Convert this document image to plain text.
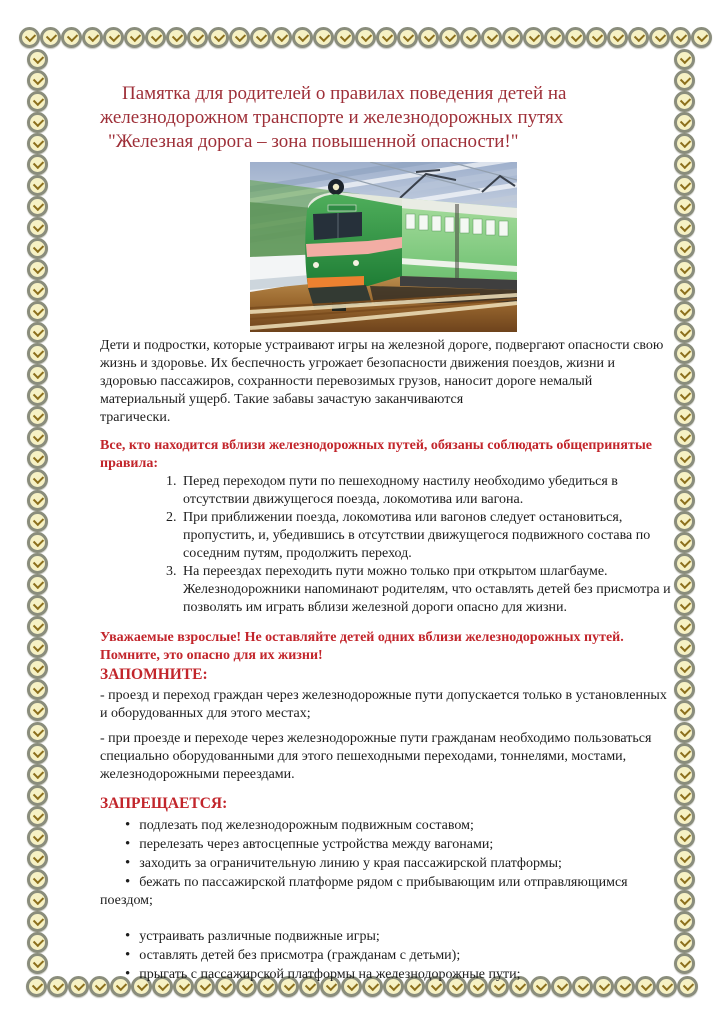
Памятка для родителей о правилах поведения детей на
железнодорожном транспорте и железнодорожных путях
"Железная дорога – зона повышенной опасности!"

Дети и подростки, которые устраивают игры на железной дороге, подвергают опасности свою жизнь и здоровье. Их беспечность угрожает безопасности движения поездов, жизни и здоровью пассажиров, сохранности перевозимых грузов, наносит дороге немалый материальный ущерб. Такие забавы зачастую заканчиваются
трагически.

Все, кто находится вблизи железнодорожных путей, обязаны соблюдать общепринятые правила:
1. Перед переходом пути по пешеходному настилу необходимо убедиться в отсутствии движущегося поезда, локомотива или вагона.
2. При приближении поезда, локомотива или вагонов следует остановиться, пропустить, и, убедившись в отсутствии движущегося подвижного состава по соседним путям, продолжить переход.
3. На переездах переходить пути можно только при открытом шлагбауме. Железнодорожники напоминают родителям, что оставлять детей без присмотра и позволять им играть вблизи железной дороги опасно для жизни.

Уважаемые взрослые! Не оставляйте детей одних вблизи железнодорожных путей. Помните, это опасно для их жизни!

ЗАПОМНИТЕ:

- проезд и переход граждан через железнодорожные пути допускается только в установленных и оборудованных для этого местах;

- при проезде и переходе через железнодорожные пути гражданам необходимо пользоваться специально оборудованными для этого пешеходными переходами, тоннелями, мостами, железнодорожными переездами.

ЗАПРЕЩАЕТСЯ:
• подлезать под железнодорожным подвижным составом;
• перелезать через автосцепные устройства между вагонами;
• заходить за ограничительную линию у края пассажирской платформы;
• бежать по пассажирской платформе рядом с прибывающим или отправляющимся поездом;
• устраивать различные подвижные игры;
• оставлять детей без присмотра (гражданам с детьми);
• прыгать с пассажирской платформы на железнодорожные пути;
